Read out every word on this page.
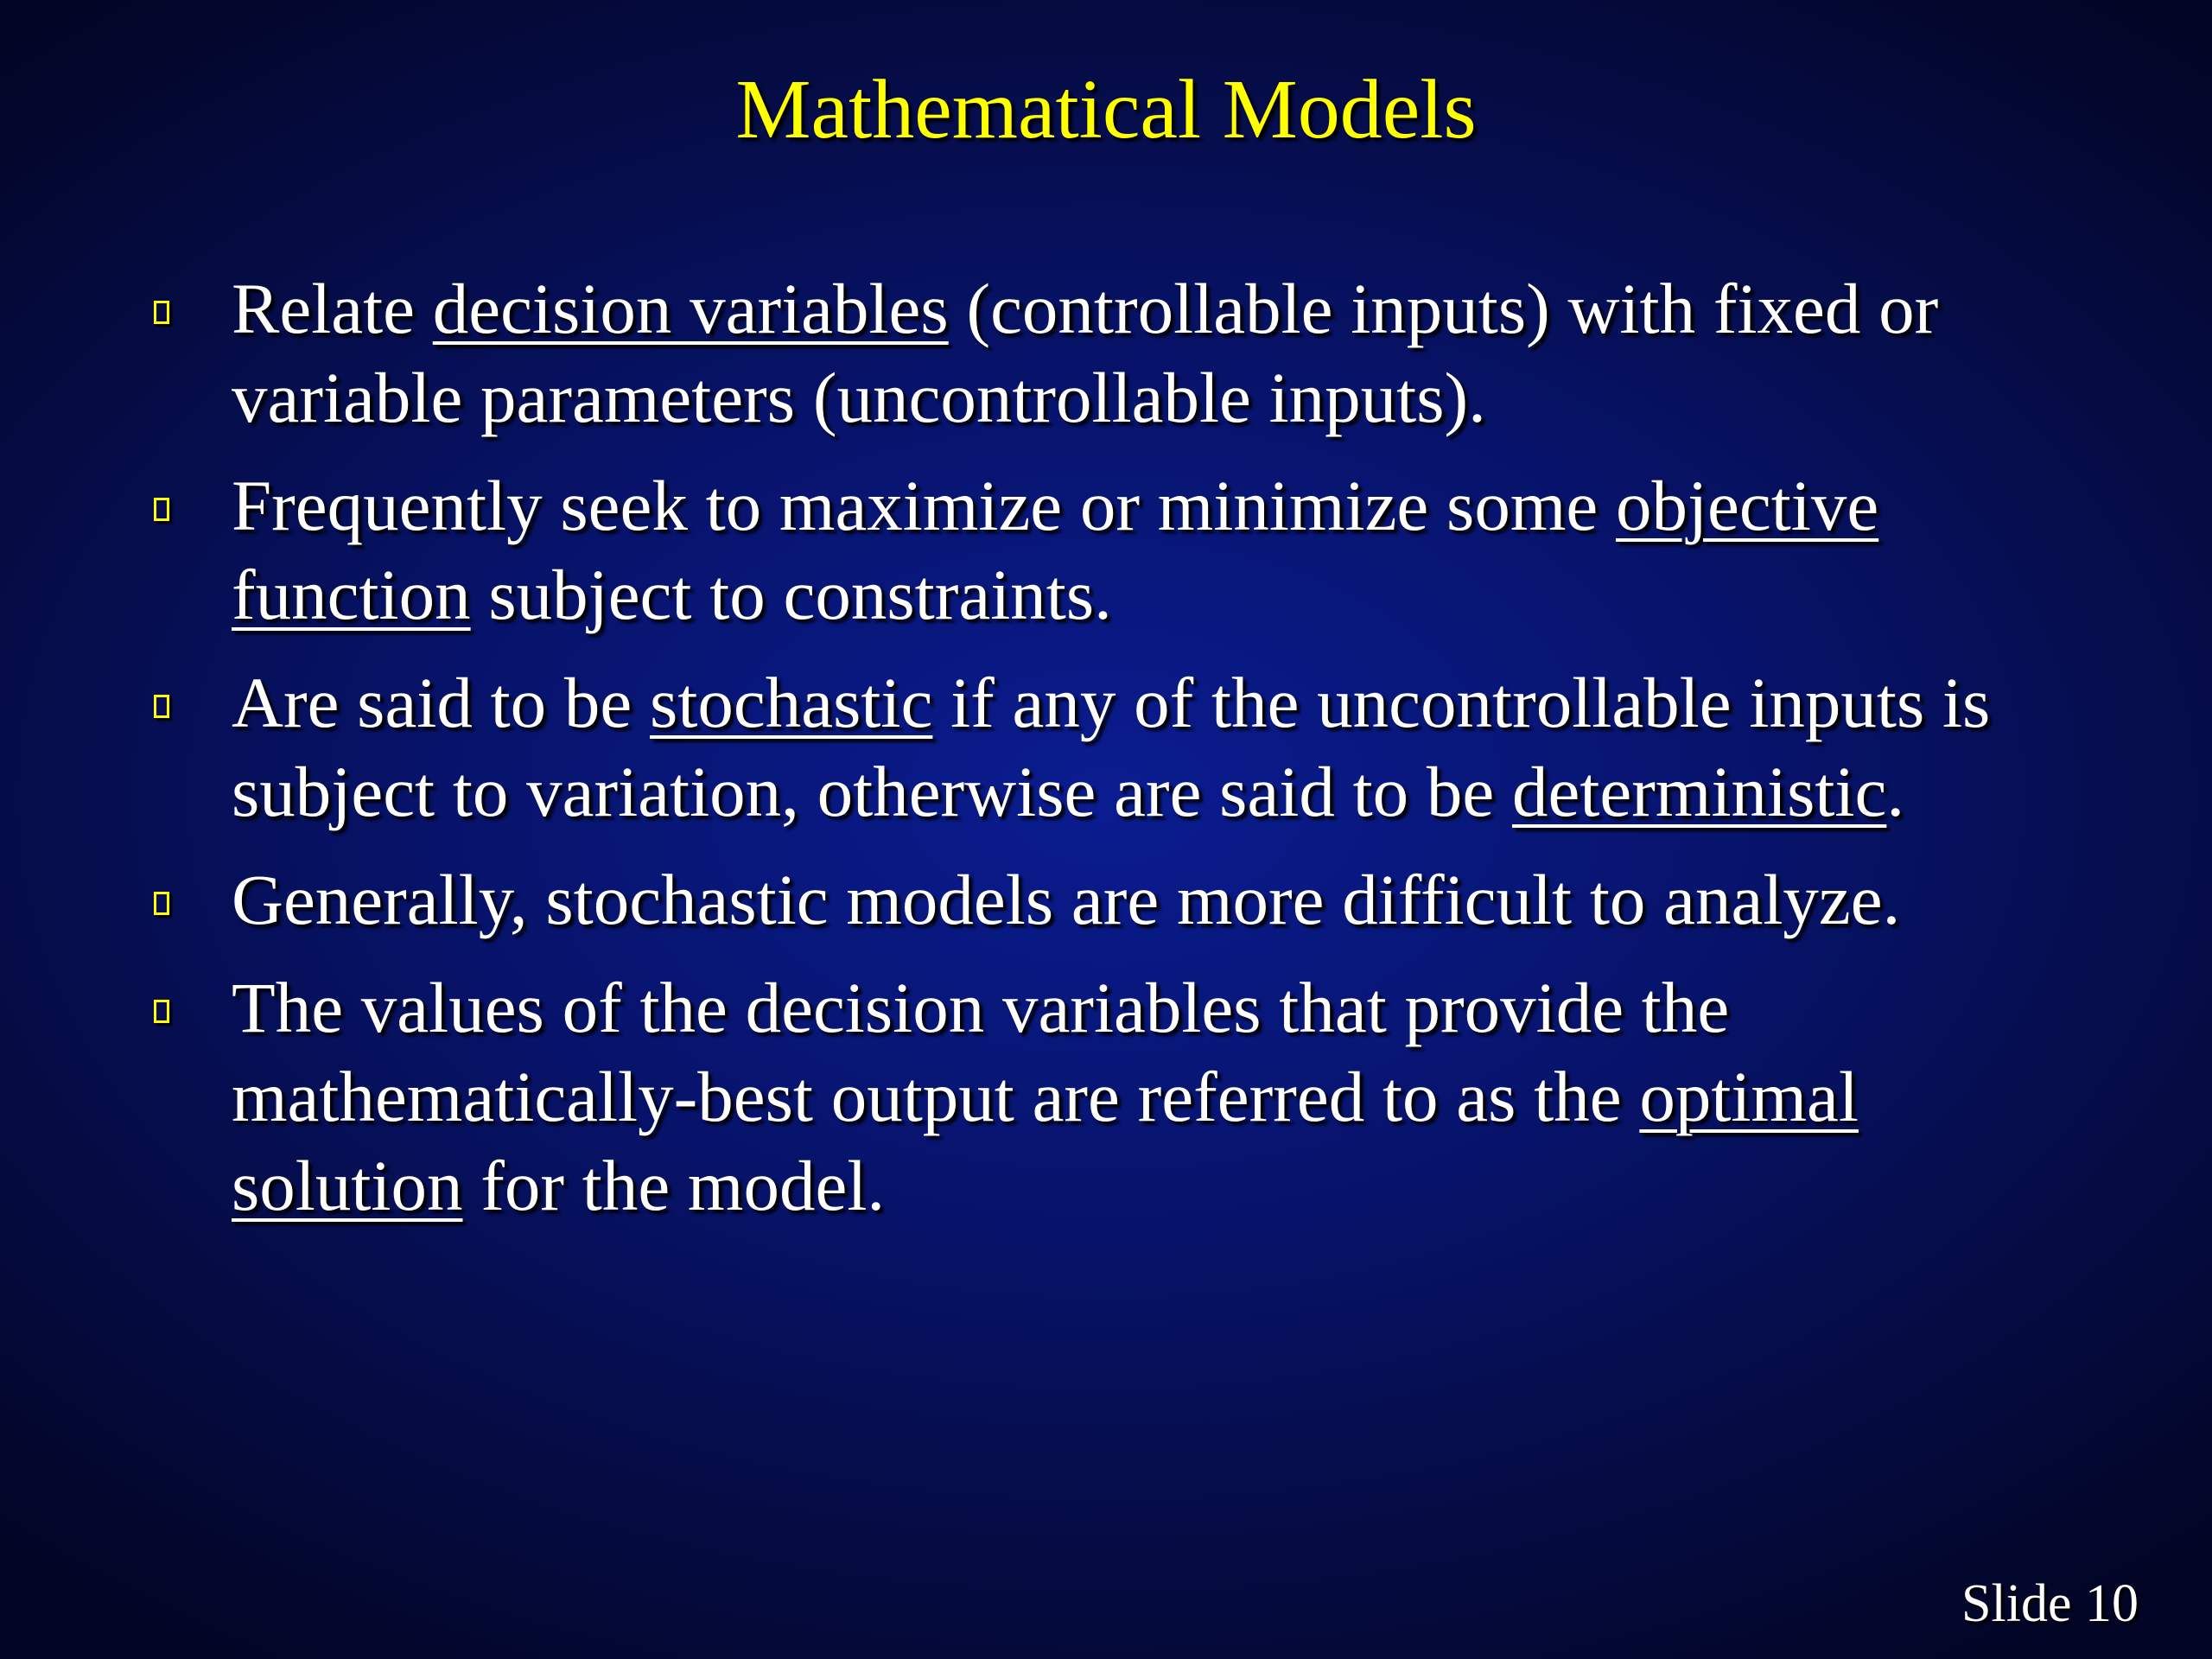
Mathematical Models
Relate decision variables (controllable inputs) with fixed or variable parameters (uncontrollable inputs).
Frequently seek to maximize or minimize some objective function subject to constraints.
Are said to be stochastic if any of the uncontrollable inputs is subject to variation, otherwise are said to be deterministic.
Generally, stochastic models are more difficult to analyze.
The values of the decision variables that provide the mathematically-best output are referred to as the optimal solution for the model.
Slide 10
